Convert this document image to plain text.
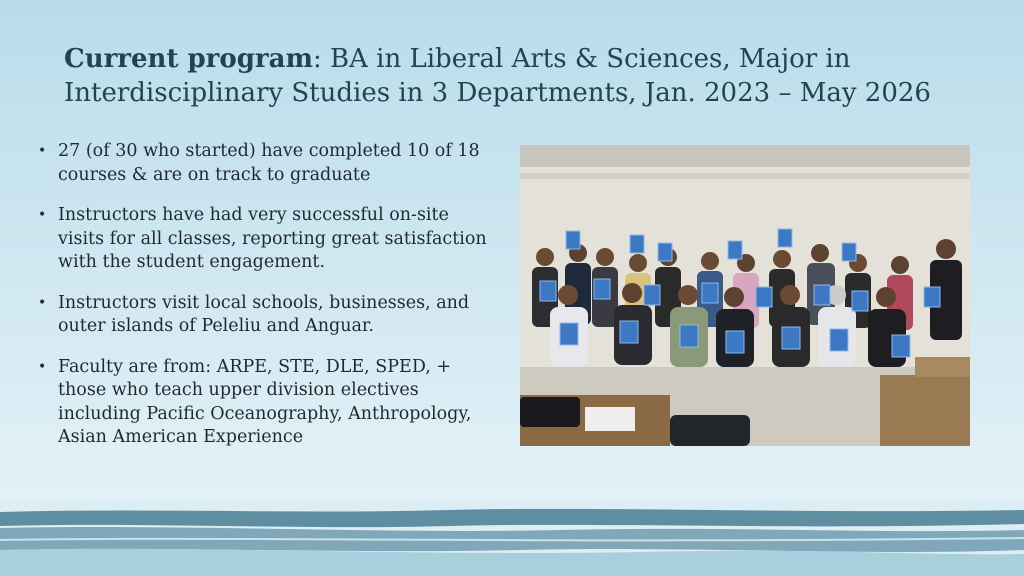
Current program: BA in Liberal Arts & Sciences, Major in
Interdisciplinary Studies in 3 Departments, Jan. 2023 – May 2026
• 27 (of 30 who started) have completed 10 of 18 courses & are on track to graduate
• Instructors have had very successful on-site visits for all classes, reporting great satisfaction with the student engagement.
• Instructors visit local schools, businesses, and outer islands of Peleliu and Anguar.
• Faculty are from: ARPE, STE, DLE, SPED, + those who teach upper division electives including Pacific Oceanography, Anthropology, Asian American Experience
